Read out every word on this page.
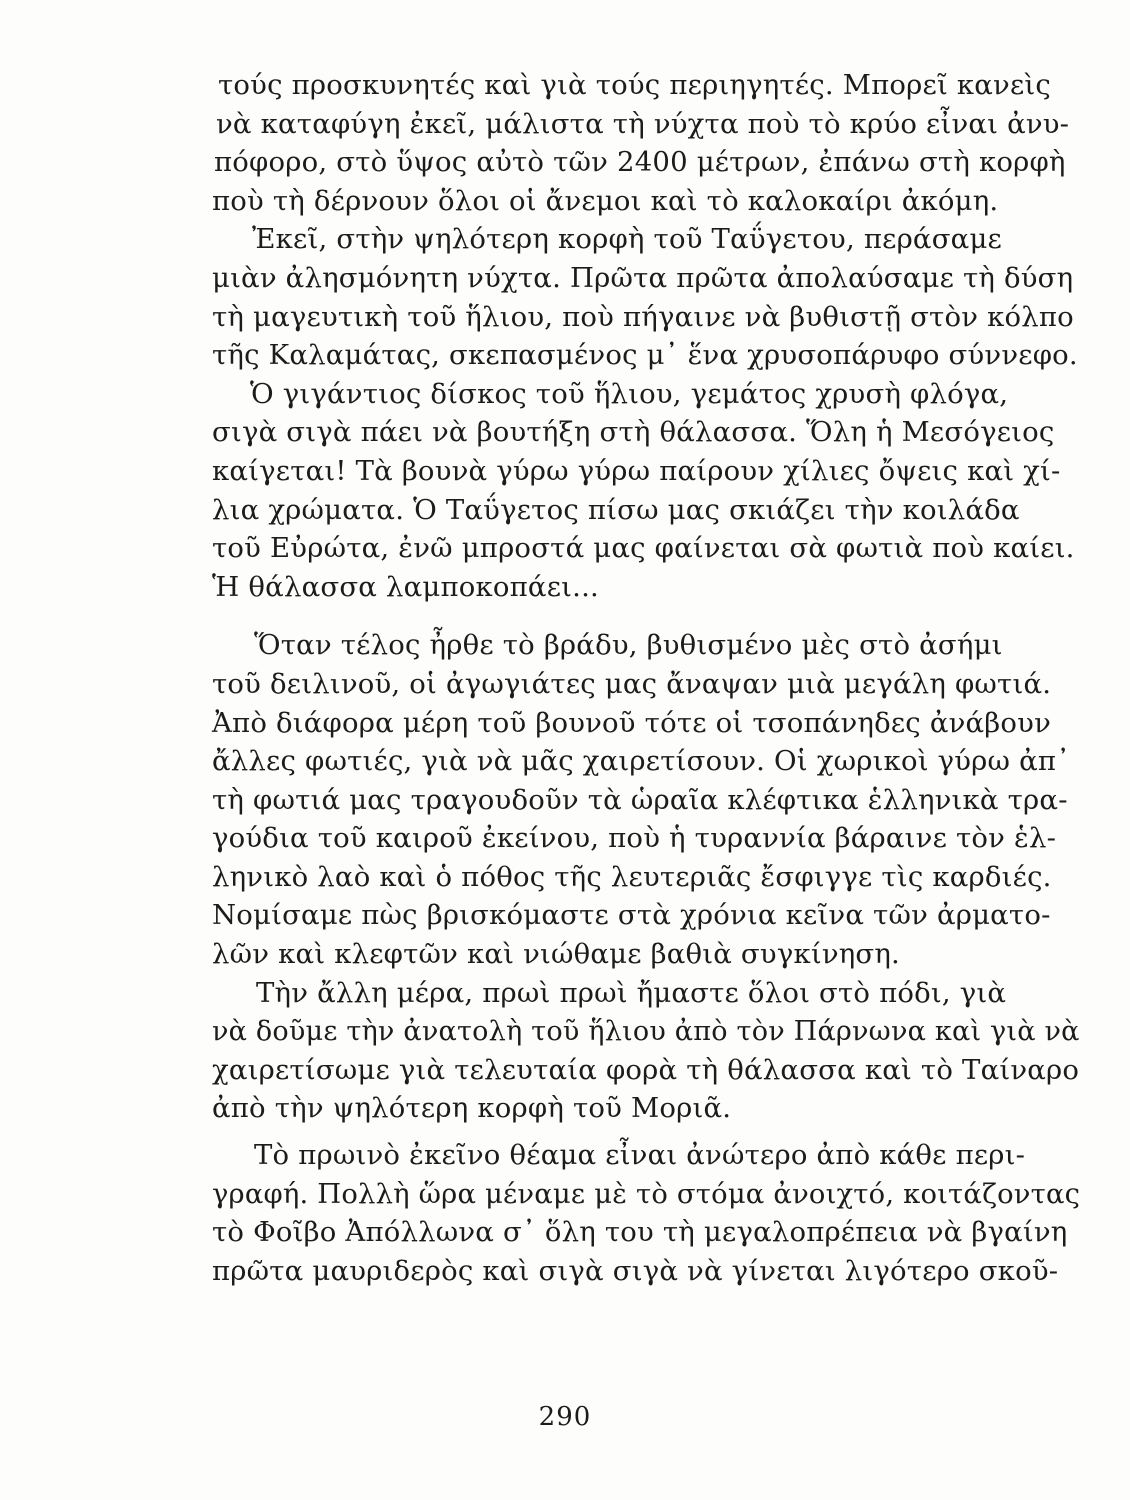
τούς προσκυνητές καὶ γιὰ τούς περιηγητές. Μπορεῖ κανεὶς
νὰ καταφύγη ἐκεῖ, μάλιστα τὴ νύχτα ποὺ τὸ κρύο εἶναι ἀνυ-
πόφορο, στὸ ὕψος αὐτὸ τῶν 2400 μέτρων, ἐπάνω στὴ κορφὴ
ποὺ τὴ δέρνουν ὅλοι οἱ ἄνεμοι καὶ τὸ καλοκαίρι ἀκόμη.
Ἐκεῖ, στὴν ψηλότερη κορφὴ τοῦ Ταΰγετου, περάσαμε
μιὰν ἀλησμόνητη νύχτα. Πρῶτα πρῶτα ἀπολαύσαμε τὴ δύση
τὴ μαγευτικὴ τοῦ ἥλιου, ποὺ πήγαινε νὰ βυθιστῇ στὸν κόλπο
τῆς Καλαμάτας, σκεπασμένος μ᾽ ἕνα χρυσοπάρυφο σύννεφο.
Ὁ γιγάντιος δίσκος τοῦ ἥλιου, γεμάτος χρυσὴ φλόγα,
σιγὰ σιγὰ πάει νὰ βουτήξη στὴ θάλασσα. Ὅλη ἡ Μεσόγειος
καίγεται! Τὰ βουνὰ γύρω γύρω παίρουν χίλιες ὄψεις καὶ χί-
λια χρώματα. Ὁ Ταΰγετος πίσω μας σκιάζει τὴν κοιλάδα
τοῦ Εὐρώτα, ἐνῶ μπροστά μας φαίνεται σὰ φωτιὰ ποὺ καίει.
Ἡ θάλασσα λαμποκοπάει...
Ὅταν τέλος ἦρθε τὸ βράδυ, βυθισμένο μὲς στὸ ἀσήμι
τοῦ δειλινοῦ, οἱ ἀγωγιάτες μας ἄναψαν μιὰ μεγάλη φωτιά.
Ἀπὸ διάφορα μέρη τοῦ βουνοῦ τότε οἱ τσοπάνηδες ἀνάβουν
ἄλλες φωτιές, γιὰ νὰ μᾶς χαιρετίσουν. Οἱ χωρικοὶ γύρω ἀπ᾽
τὴ φωτιά μας τραγουδοῦν τὰ ὡραῖα κλέφτικα ἑλληνικὰ τρα-
γούδια τοῦ καιροῦ ἐκείνου, ποὺ ἡ τυραννία βάραινε τὸν ἑλ-
ληνικὸ λαὸ καὶ ὁ πόθος τῆς λευτεριᾶς ἔσφιγγε τὶς καρδιές.
Νομίσαμε πὼς βρισκόμαστε στὰ χρόνια κεῖνα τῶν ἀρματο-
λῶν καὶ κλεφτῶν καὶ νιώθαμε βαθιὰ συγκίνηση.
Τὴν ἄλλη μέρα, πρωὶ πρωὶ ἤμαστε ὅλοι στὸ πόδι, γιὰ
νὰ δοῦμε τὴν ἀνατολὴ τοῦ ἥλιου ἀπὸ τὸν Πάρνωνα καὶ γιὰ νὰ
χαιρετίσωμε γιὰ τελευταία φορὰ τὴ θάλασσα καὶ τὸ Ταίναρο
ἀπὸ τὴν ψηλότερη κορφὴ τοῦ Μοριᾶ.
Τὸ πρωινὸ ἐκεῖνο θέαμα εἶναι ἀνώτερο ἀπὸ κάθε περι-
γραφή. Πολλὴ ὥρα μέναμε μὲ τὸ στόμα ἀνοιχτό, κοιτάζοντας
τὸ Φοῖβο Ἀπόλλωνα σ᾽ ὅλη του τὴ μεγαλοπρέπεια νὰ βγαίνη
πρῶτα μαυριδερὸς καὶ σιγὰ σιγὰ νὰ γίνεται λιγότερο σκοῦ-
290
